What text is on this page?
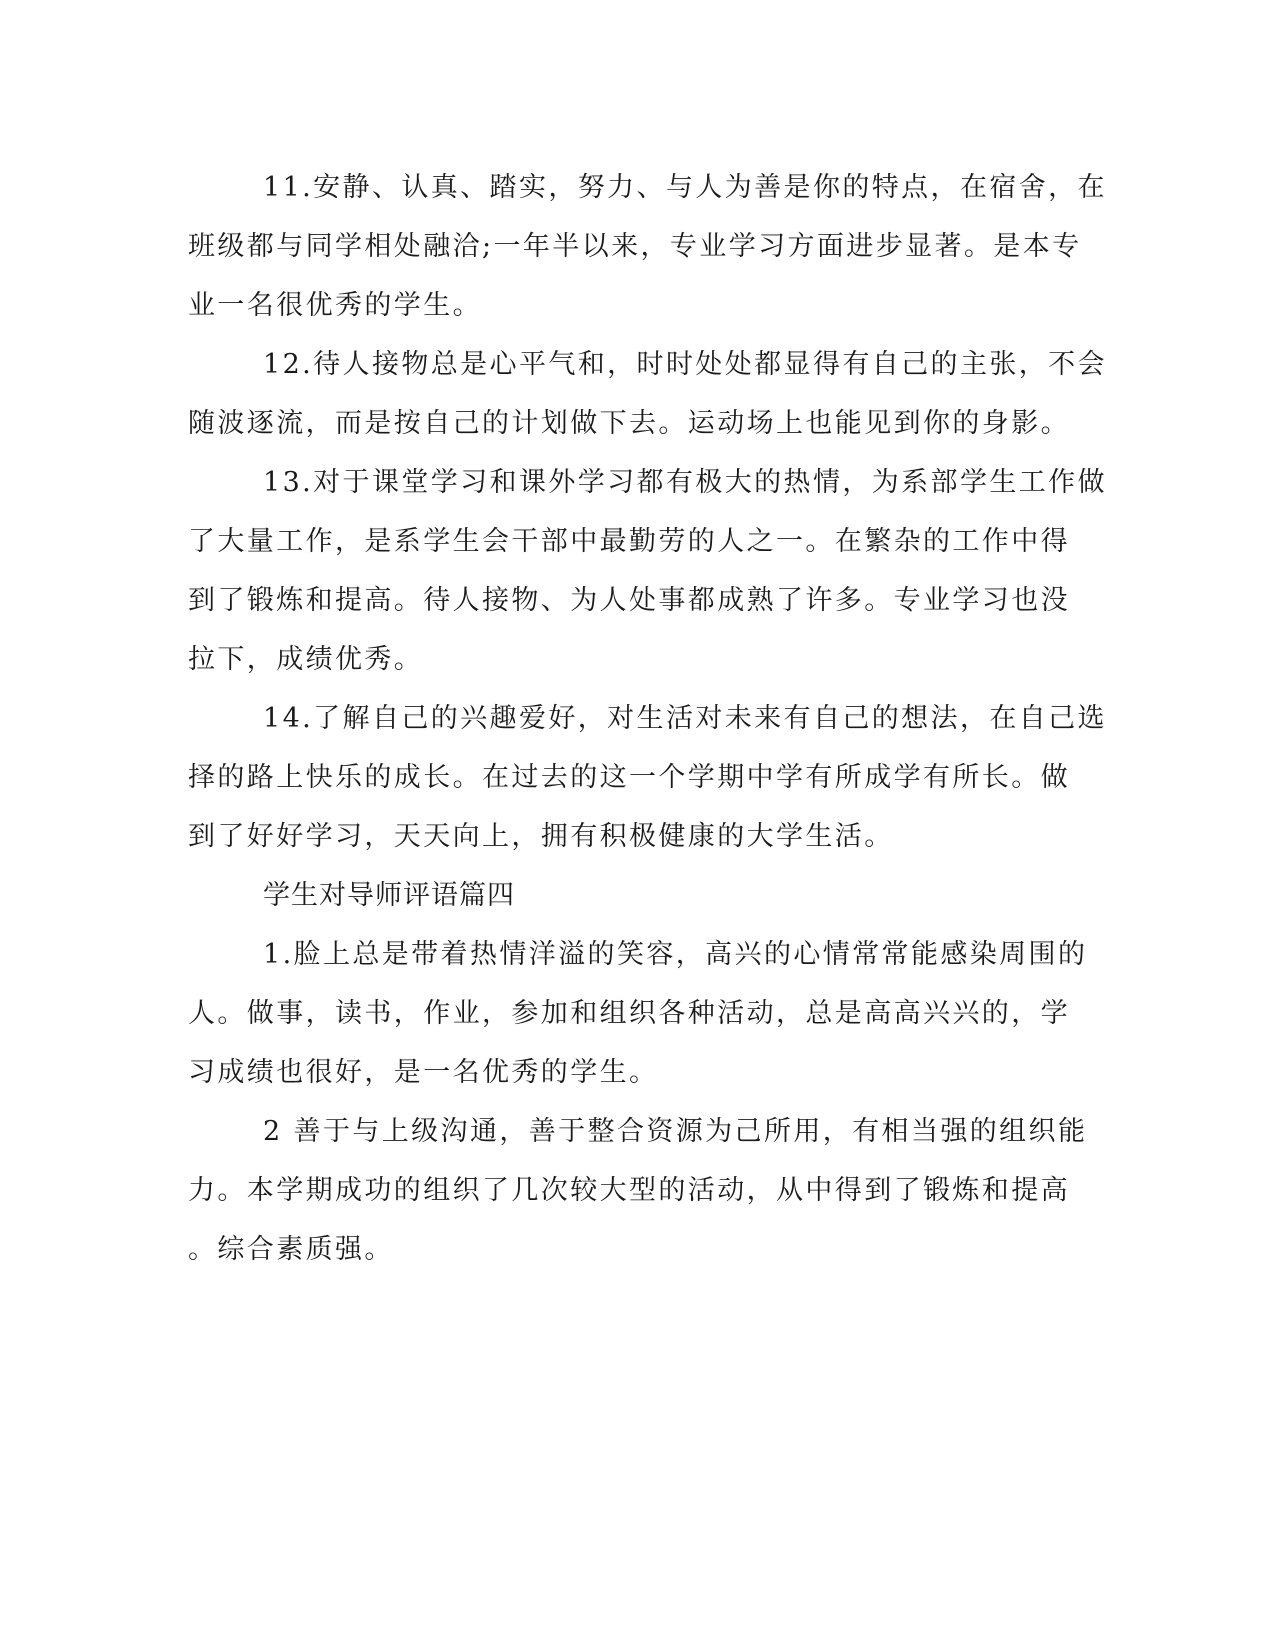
11.安静、认真、踏实，努力、与人为善是你的特点，在宿舍，在
班级都与同学相处融洽;一年半以来，专业学习方面进步显著。是本专
业一名很优秀的学生。
12.待人接物总是心平气和，时时处处都显得有自己的主张，不会
随波逐流，而是按自己的计划做下去。运动场上也能见到你的身影。
13.对于课堂学习和课外学习都有极大的热情，为系部学生工作做
了大量工作，是系学生会干部中最勤劳的人之一。在繁杂的工作中得
到了锻炼和提高。待人接物、为人处事都成熟了许多。专业学习也没
拉下，成绩优秀。
14.了解自己的兴趣爱好，对生活对未来有自己的想法，在自己选
择的路上快乐的成长。在过去的这一个学期中学有所成学有所长。做
到了好好学习，天天向上，拥有积极健康的大学生活。
学生对导师评语篇四
1.脸上总是带着热情洋溢的笑容，高兴的心情常常能感染周围的
人。做事，读书，作业，参加和组织各种活动，总是高高兴兴的，学
习成绩也很好，是一名优秀的学生。
2 善于与上级沟通，善于整合资源为己所用，有相当强的组织能
力。本学期成功的组织了几次较大型的活动，从中得到了锻炼和提高
。综合素质强。
